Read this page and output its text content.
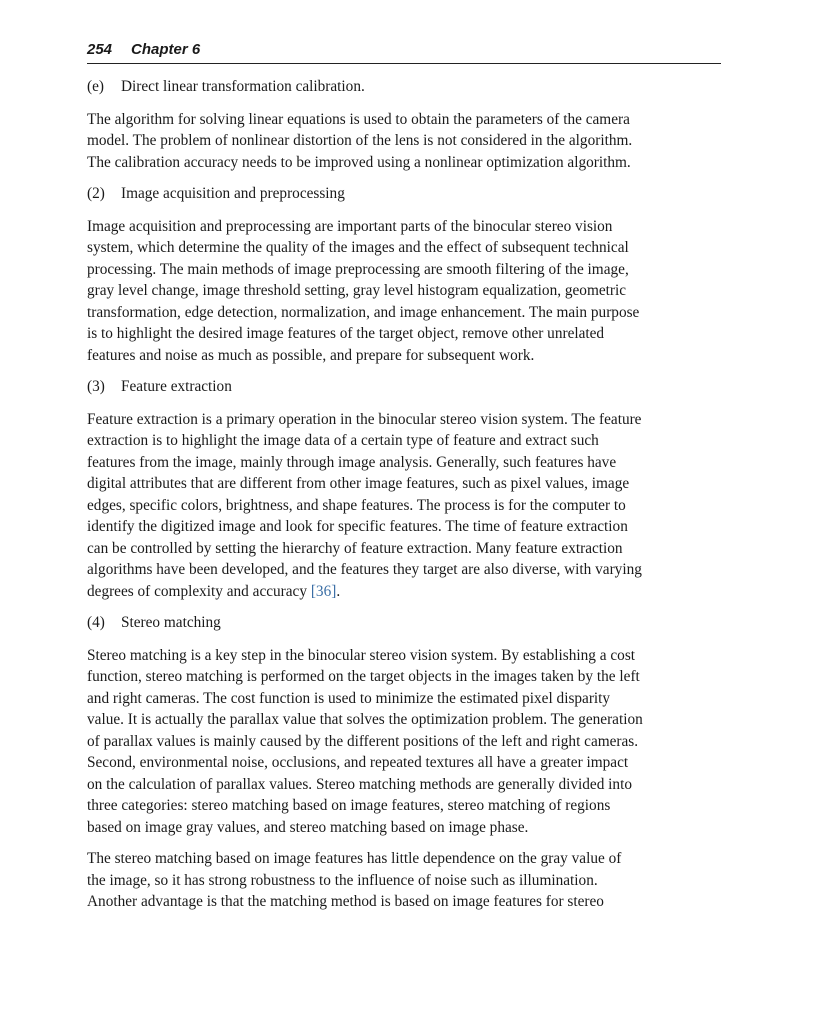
254 Chapter 6
(e) Direct linear transformation calibration.

The algorithm for solving linear equations is used to obtain the parameters of the camera
model. The problem of nonlinear distortion of the lens is not considered in the algorithm.
The calibration accuracy needs to be improved using a nonlinear optimization algorithm.

(2) Image acquisition and preprocessing

Image acquisition and preprocessing are important parts of the binocular stereo vision
system, which determine the quality of the images and the effect of subsequent technical
processing. The main methods of image preprocessing are smooth filtering of the image,
gray level change, image threshold setting, gray level histogram equalization, geometric
transformation, edge detection, normalization, and image enhancement. The main purpose
is to highlight the desired image features of the target object, remove other unrelated
features and noise as much as possible, and prepare for subsequent work.

(3) Feature extraction

Feature extraction is a primary operation in the binocular stereo vision system. The feature
extraction is to highlight the image data of a certain type of feature and extract such
features from the image, mainly through image analysis. Generally, such features have
digital attributes that are different from other image features, such as pixel values, image
edges, specific colors, brightness, and shape features. The process is for the computer to
identify the digitized image and look for specific features. The time of feature extraction
can be controlled by setting the hierarchy of feature extraction. Many feature extraction
algorithms have been developed, and the features they target are also diverse, with varying
degrees of complexity and accuracy [36].

(4) Stereo matching

Stereo matching is a key step in the binocular stereo vision system. By establishing a cost
function, stereo matching is performed on the target objects in the images taken by the left
and right cameras. The cost function is used to minimize the estimated pixel disparity
value. It is actually the parallax value that solves the optimization problem. The generation
of parallax values is mainly caused by the different positions of the left and right cameras.
Second, environmental noise, occlusions, and repeated textures all have a greater impact
on the calculation of parallax values. Stereo matching methods are generally divided into
three categories: stereo matching based on image features, stereo matching of regions
based on image gray values, and stereo matching based on image phase.

The stereo matching based on image features has little dependence on the gray value of
the image, so it has strong robustness to the influence of noise such as illumination.
Another advantage is that the matching method is based on image features for stereo
